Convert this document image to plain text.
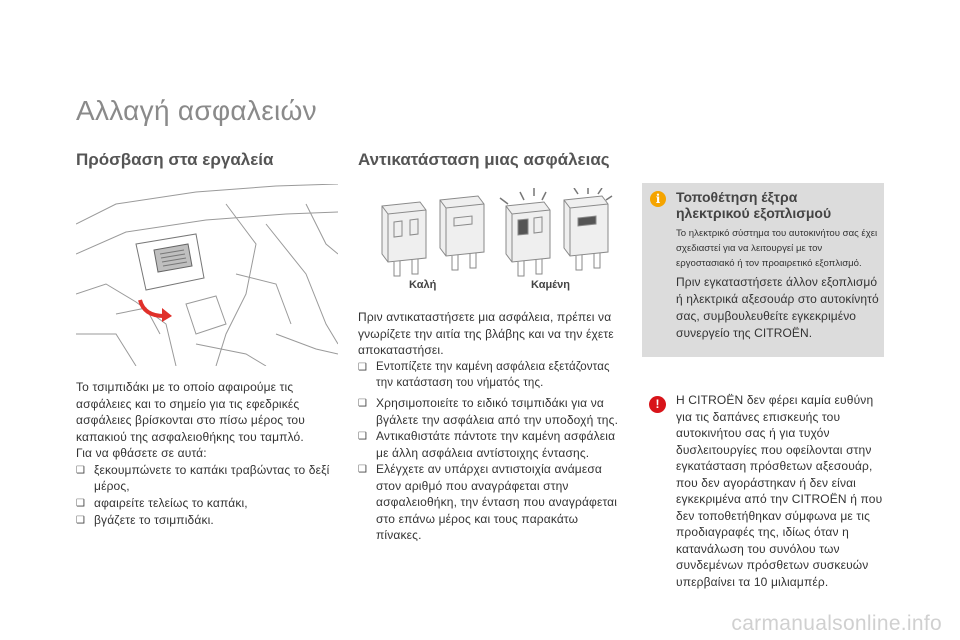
Αλλαγή ασφαλειών
Πρόσβαση στα εργαλεία	Αντικατάσταση μιας ασφάλειας

Το τσιμπιδάκι με το οποίο αφαιρούμε τις ασφάλειες και το σημείο για τις εφεδρικές ασφάλειες βρίσκονται στο πίσω μέρος του καπακιού της ασφαλειοθήκης του ταμπλό.

Για να φθάσετε σε αυτά:

❑ ξεκουμπώνετε το καπάκι τραβώντας το δεξί μέρος,
❑ αφαιρείτε τελείως το καπάκι,
❑ βγάζετε το τσιμπιδάκι.
Καλή	Καμένη

Πριν αντικαταστήσετε μια ασφάλεια, πρέπει να γνωρίζετε την αιτία της βλάβης και να την έχετε αποκαταστήσει.

❑ Εντοπίζετε την καμένη ασφάλεια εξετάζοντας την κατάσταση του νήματός της.
❑ Χρησιμοποιείτε το ειδικό τσιμπιδάκι για να βγάλετε την ασφάλεια από την υποδοχή της.
❑ Αντικαθιστάτε πάντοτε την καμένη ασφάλεια με άλλη ασφάλεια αντίστοιχης έντασης.
❑ Ελέγχετε αν υπάρχει αντιστοιχία ανάμεσα στον αριθμό που αναγράφεται στην ασφαλειοθήκη, την ένταση που αναγράφεται στο επάνω μέρος και τους παρακάτω πίνακες.
i	Τοποθέτηση έξτρα
ηλεκτρικού εξοπλισμού
Το ηλεκτρικό σύστημα του αυτοκινήτου σας έχει σχεδιαστεί για να λειτουργεί με τον εργοστασιακό ή τον προαιρετικό εξοπλισμό.
Πριν εγκαταστήσετε άλλον εξοπλισμό ή ηλεκτρικά αξεσουάρ στο αυτοκίνητό σας, συμβουλευθείτε εγκεκριμένο συνεργείο της CITROËN.
!	Η CITROËN δεν φέρει καμία ευθύνη για τις δαπάνες επισκευής του αυτοκινήτου σας ή για τυχόν δυσλειτουργίες που οφείλονται στην εγκατάσταση πρόσθετων αξεσουάρ, που δεν αγοράστηκαν ή δεν είναι εγκεκριμένα από την CITROËN ή που δεν τοποθετήθηκαν σύμφωνα με τις προδιαγραφές της, ιδίως όταν η κατανάλωση του συνόλου των συνδεμένων πρόσθετων συσκευών υπερβαίνει τα 10 μιλιαμπέρ.
carmanualsonline.info
